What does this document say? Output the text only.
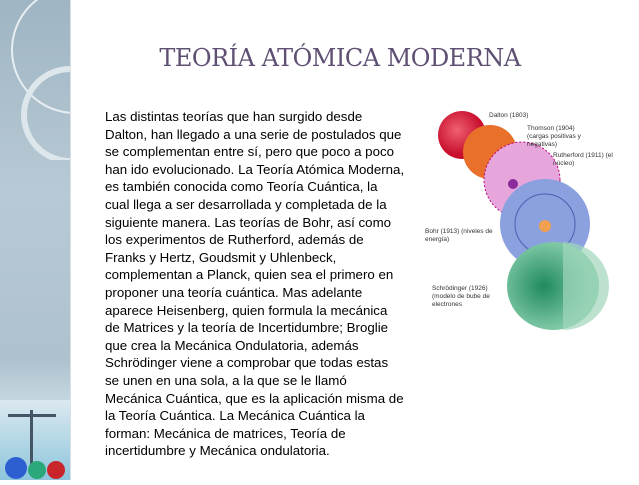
TEORÍA ATÓMICA MODERNA
Las distintas teorías que han surgido desde Dalton, han llegado a una serie de postulados que se complementan entre sí, pero que poco a poco han ido evolucionado. La Teoría Atómica Moderna, es también conocida como Teoría Cuántica, la cual llega a ser desarrollada y completada de la siguiente manera. Las teorías de Bohr, así como los experimentos de Rutherford, además de Franks y Hertz, Goudsmit y Uhlenbeck, complementan a Planck, quien sea el primero en proponer una teoría cuántica. Mas adelante aparece Heisenberg, quien formula la mecánica de Matrices y la teoría de Incertidumbre; Broglie que crea la Mecánica Ondulatoria, además Schrödinger viene a comprobar que todas estas se unen en una sola, a la que se le llamó Mecánica Cuántica, que es la aplicación misma de la Teoría Cuántica. La Mecánica Cuántica la forman: Mecánica de matrices, Teoría de incertidumbre y Mecánica ondulatoria.
Dalton (1803)
Thomson (1904) (cargas positivas y negativas)
Rutherford (1911) (el núcleo)
Bohr (1913) (niveles de energía)
Schrödinger (1926) (modelo de bube de electrones
